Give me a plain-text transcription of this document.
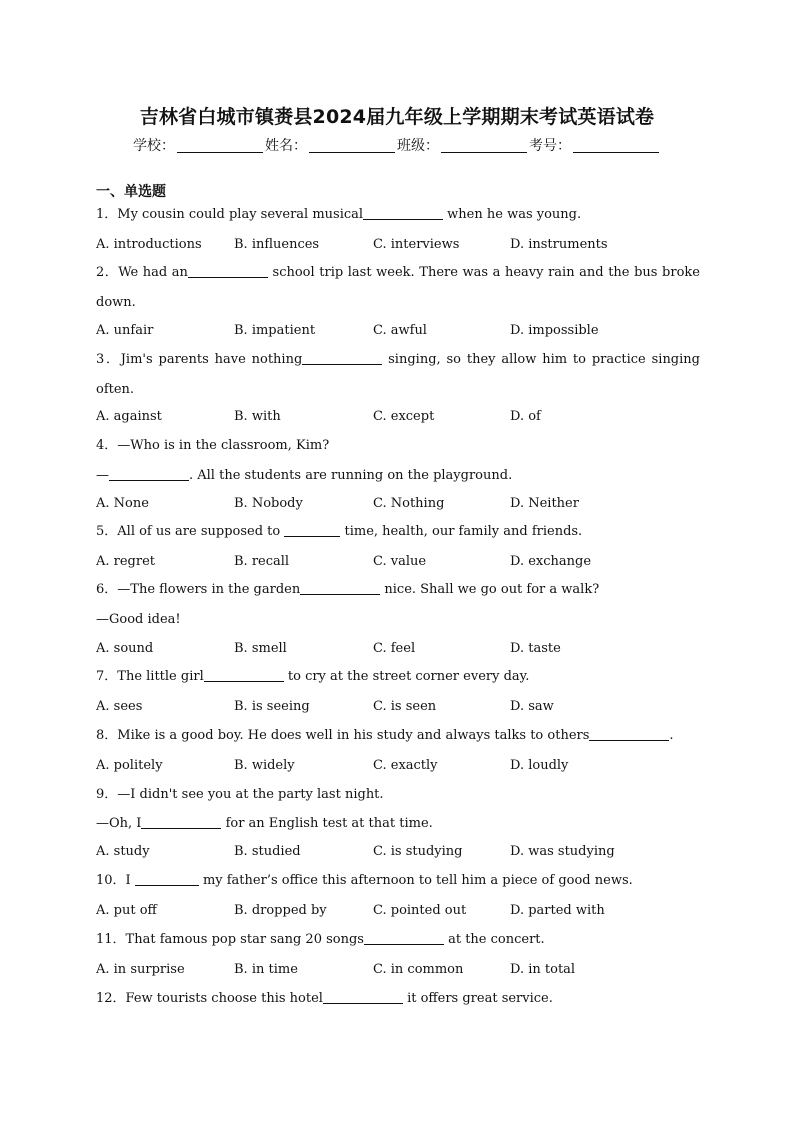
吉林省白城市镇赉县2024届九年级上学期期末考试英语试卷
学校：	姓名：	班级：	考号：
一、单选题
1．My cousin could play several musical	when he was young.
A. introductions B. influences	C. interviews	D. instruments
2．We had an	school trip last week. There was a heavy rain and the bus broke
down.
A. unfair	B. impatient	C. awful	D. impossible
3．Jim's parents have nothing	singing, so they allow him to practice singing
often.
A. against	B. with	C. except	D. of
4．—Who is in the classroom, Kim?
—	. All the students are running on the playground.
A. None	B. Nobody	C. Nothing	D. Neither
5．All of us are supposed to	time, health, our family and friends.
A. regret	B. recall	C. value	D. exchange
6．—The flowers in the garden	nice. Shall we go out for a walk?
—Good idea!
A. sound	B. smell	C. feel	D. taste
7．The little girl	to cry at the street corner every day.
A. sees	B. is seeing	C. is seen	D. saw
8．Mike is a good boy. He does well in his study and always talks to others	.
A. politely	B. widely	C. exactly	D. loudly
9．—I didn't see you at the party last night.
—Oh, I	for an English test at that time.
A. study	B. studied	C. is studying	D. was studying
10．I	my father’s office this afternoon to tell him a piece of good news.
A. put off	B. dropped by	C. pointed out	D. parted with
11．That famous pop star sang 20 songs	at the concert.
A. in surprise	B. in time	C. in common	D. in total
12．Few tourists choose this hotel	it offers great service.
